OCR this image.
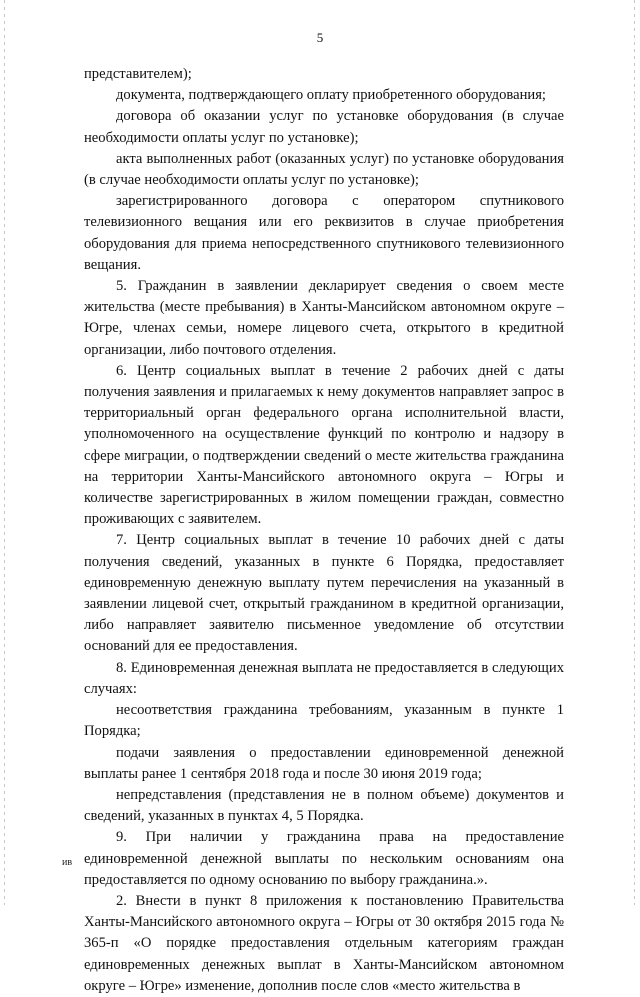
5

представителем);

документа, подтверждающего оплату приобретенного оборудования;

договора об оказании услуг по установке оборудования (в случае необходимости оплаты услуг по установке);

акта выполненных работ (оказанных услуг) по установке оборудования (в случае необходимости оплаты услуг по установке);

зарегистрированного договора с оператором спутникового телевизионного вещания или его реквизитов в случае приобретения оборудования для приема непосредственного спутникового телевизионного вещания.

5. Гражданин в заявлении декларирует сведения о своем месте жительства (месте пребывания) в Ханты-Мансийском автономном округе – Югре, членах семьи, номере лицевого счета, открытого в кредитной организации, либо почтового отделения.

6. Центр социальных выплат в течение 2 рабочих дней с даты получения заявления и прилагаемых к нему документов направляет запрос в территориальный орган федерального органа исполнительной власти, уполномоченного на осуществление функций по контролю и надзору в сфере миграции, о подтверждении сведений о месте жительства гражданина на территории Ханты-Мансийского автономного округа – Югры и количестве зарегистрированных в жилом помещении граждан, совместно проживающих с заявителем.

7. Центр социальных выплат в течение 10 рабочих дней с даты получения сведений, указанных в пункте 6 Порядка, предоставляет единовременную денежную выплату путем перечисления на указанный в заявлении лицевой счет, открытый гражданином в кредитной организации, либо направляет заявителю письменное уведомление об отсутствии оснований для ее предоставления.

8. Единовременная денежная выплата не предоставляется в следующих случаях:

несоответствия гражданина требованиям, указанным в пункте 1 Порядка;

подачи заявления о предоставлении единовременной денежной выплаты ранее 1 сентября 2018 года и после 30 июня 2019 года;

непредставления (представления не в полном объеме) документов и сведений, указанных в пунктах 4, 5 Порядка.

9. При наличии у гражданина права на предоставление единовременной денежной выплаты по нескольким основаниям она предоставляется по одному основанию по выбору гражданина.».

2. Внести в пункт 8 приложения к постановлению Правительства Ханты-Мансийского автономного округа – Югры от 30 октября 2015 года № 365-п «О порядке предоставления отдельным категориям граждан единовременных денежных выплат в Ханты-Мансийском автономном округе – Югре» изменение, дополнив после слов «место жительства в

ив
